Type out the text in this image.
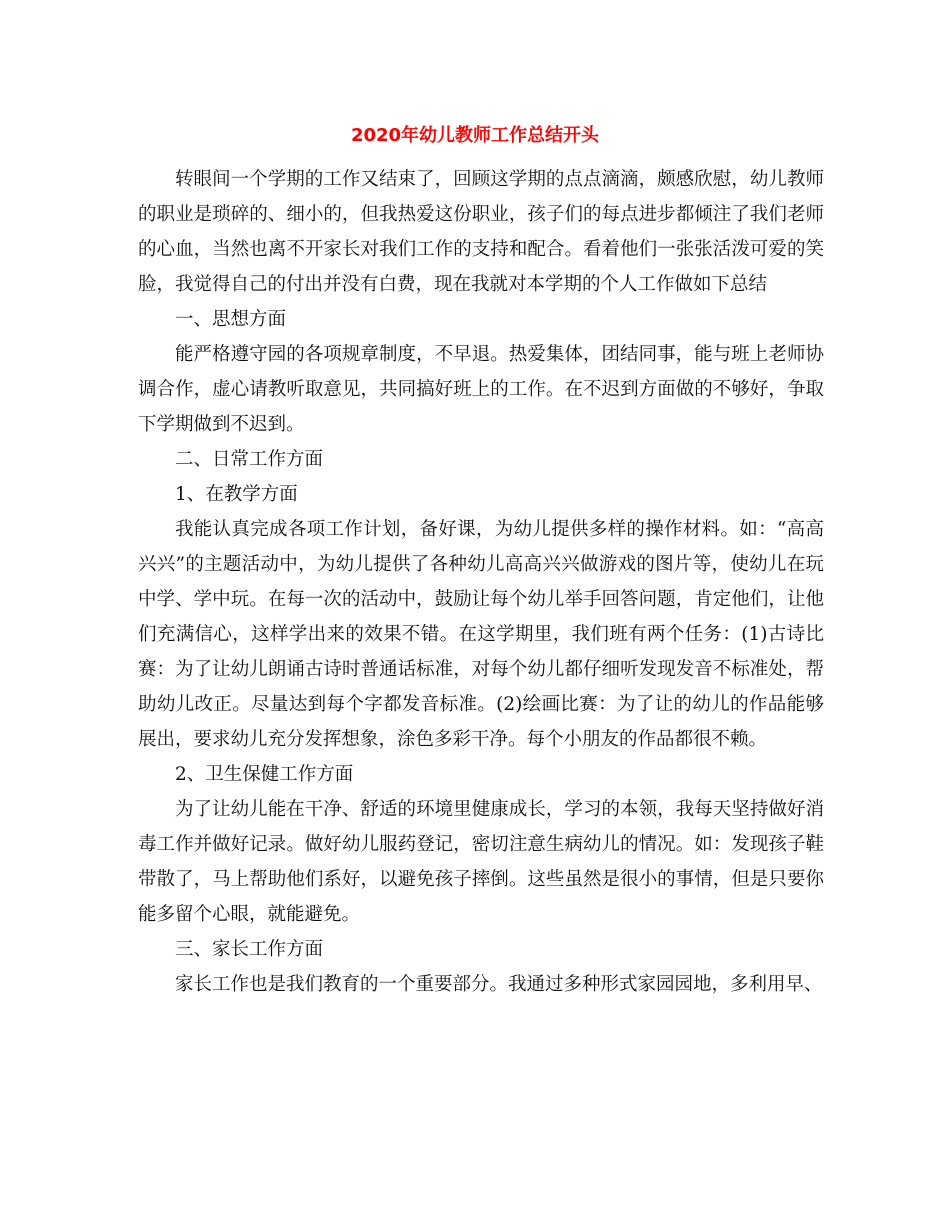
2020年幼儿教师工作总结开头

转眼间一个学期的工作又结束了，回顾这学期的点点滴滴，颇感欣慰，幼儿教师的职业是琐碎的、细小的，但我热爱这份职业，孩子们的每点进步都倾注了我们老师的心血，当然也离不开家长对我们工作的支持和配合。看着他们一张张活泼可爱的笑脸，我觉得自己的付出并没有白费，现在我就对本学期的个人工作做如下总结

一、思想方面

能严格遵守园的各项规章制度，不早退。热爱集体，团结同事，能与班上老师协调合作，虚心请教听取意见，共同搞好班上的工作。在不迟到方面做的不够好，争取下学期做到不迟到。

二、日常工作方面

1、在教学方面

我能认真完成各项工作计划，备好课，为幼儿提供多样的操作材料。如：“高高兴兴”的主题活动中，为幼儿提供了各种幼儿高高兴兴做游戏的图片等，使幼儿在玩中学、学中玩。在每一次的活动中，鼓励让每个幼儿举手回答问题，肯定他们，让他们充满信心，这样学出来的效果不错。在这学期里，我们班有两个任务：(1)古诗比赛：为了让幼儿朗诵古诗时普通话标准，对每个幼儿都仔细听发现发音不标准处，帮助幼儿改正。尽量达到每个字都发音标准。(2)绘画比赛：为了让的幼儿的作品能够展出，要求幼儿充分发挥想象，涂色多彩干净。每个小朋友的作品都很不赖。

2、卫生保健工作方面

为了让幼儿能在干净、舒适的环境里健康成长，学习的本领，我每天坚持做好消毒工作并做好记录。做好幼儿服药登记，密切注意生病幼儿的情况。如：发现孩子鞋带散了，马上帮助他们系好，以避免孩子摔倒。这些虽然是很小的事情，但是只要你能多留个心眼，就能避免。

三、家长工作方面

家长工作也是我们教育的一个重要部分。我通过多种形式家园园地，多利用早、
